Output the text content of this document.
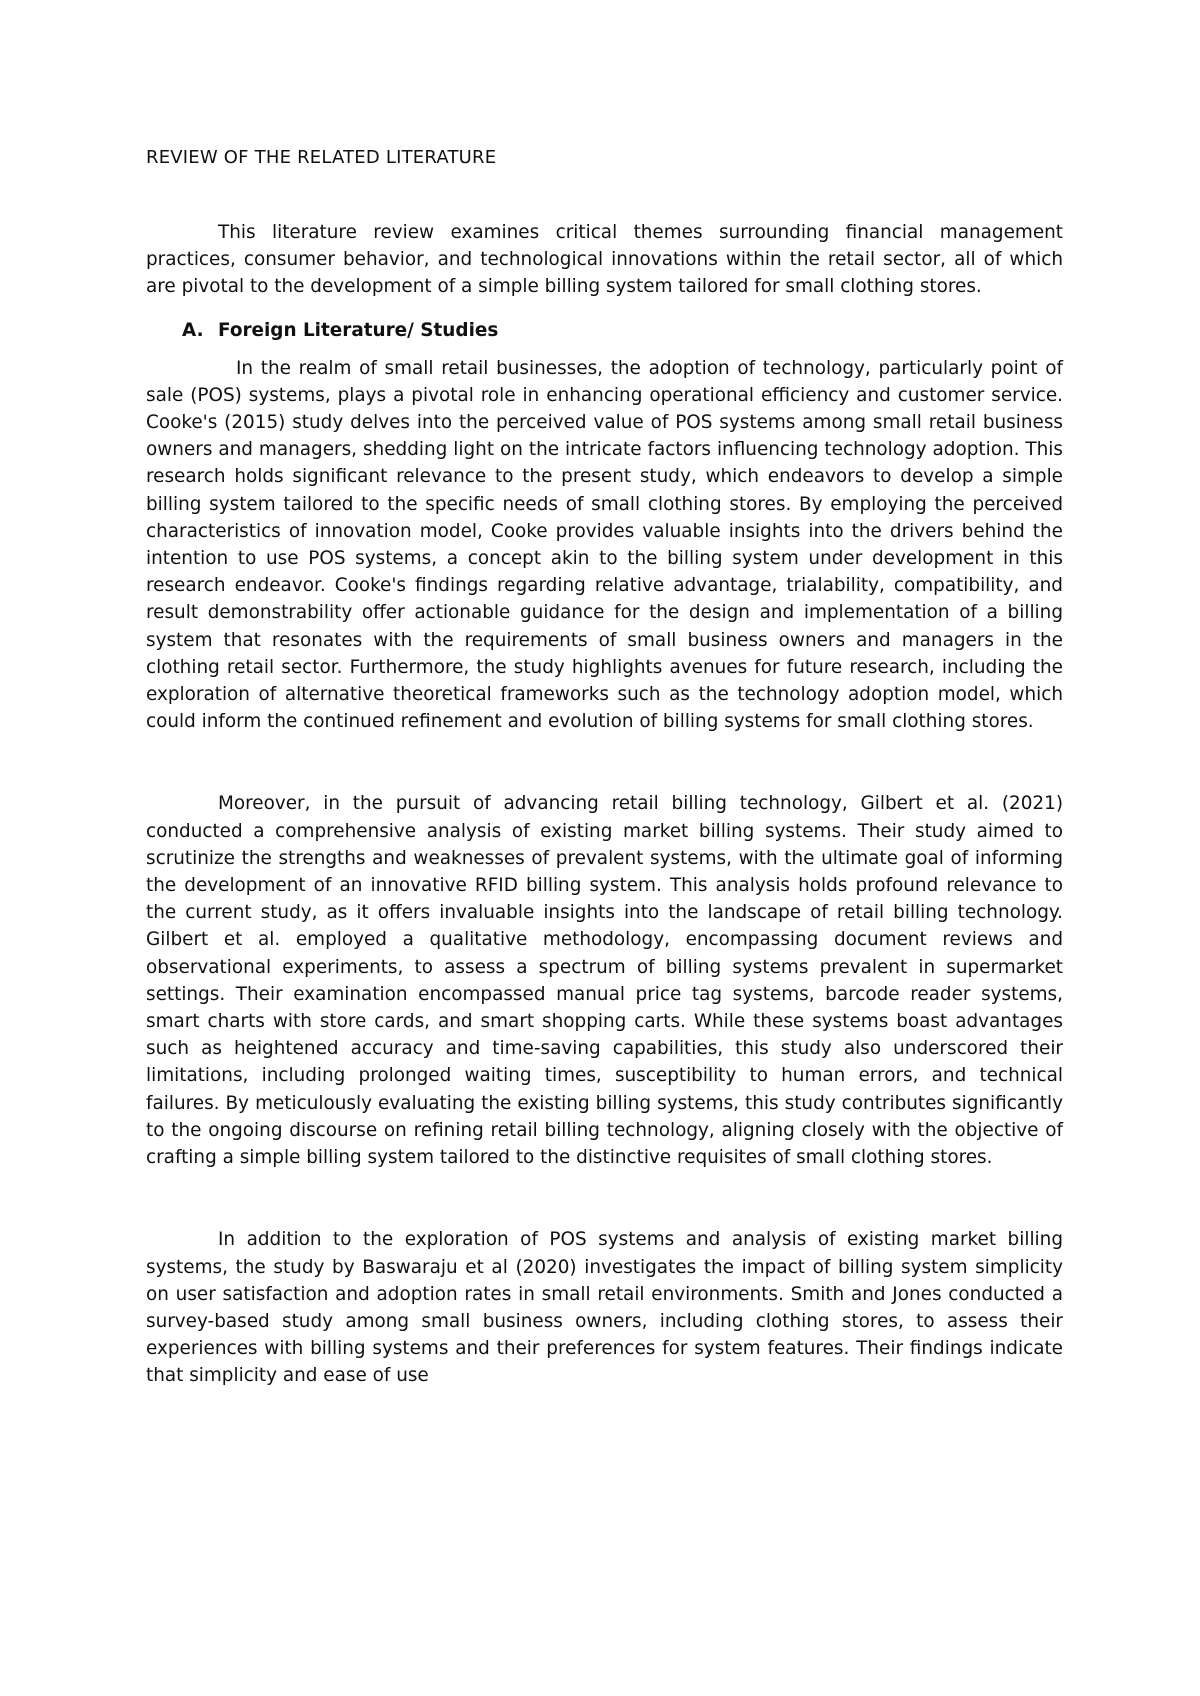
REVIEW OF THE RELATED LITERATURE

This literature review examines critical themes surrounding financial management practices, consumer behavior, and technological innovations within the retail sector, all of which are pivotal to the development of a simple billing system tailored for small clothing stores.

A. Foreign Literature/ Studies

In the realm of small retail businesses, the adoption of technology, particularly point of sale (POS) systems, plays a pivotal role in enhancing operational efficiency and customer service. Cooke's (2015) study delves into the perceived value of POS systems among small retail business owners and managers, shedding light on the intricate factors influencing technology adoption. This research holds significant relevance to the present study, which endeavors to develop a simple billing system tailored to the specific needs of small clothing stores. By employing the perceived characteristics of innovation model, Cooke provides valuable insights into the drivers behind the intention to use POS systems, a concept akin to the billing system under development in this research endeavor. Cooke's findings regarding relative advantage, trialability, compatibility, and result demonstrability offer actionable guidance for the design and implementation of a billing system that resonates with the requirements of small business owners and managers in the clothing retail sector. Furthermore, the study highlights avenues for future research, including the exploration of alternative theoretical frameworks such as the technology adoption model, which could inform the continued refinement and evolution of billing systems for small clothing stores.

Moreover, in the pursuit of advancing retail billing technology, Gilbert et al. (2021) conducted a comprehensive analysis of existing market billing systems. Their study aimed to scrutinize the strengths and weaknesses of prevalent systems, with the ultimate goal of informing the development of an innovative RFID billing system. This analysis holds profound relevance to the current study, as it offers invaluable insights into the landscape of retail billing technology. Gilbert et al. employed a qualitative methodology, encompassing document reviews and observational experiments, to assess a spectrum of billing systems prevalent in supermarket settings. Their examination encompassed manual price tag systems, barcode reader systems, smart charts with store cards, and smart shopping carts. While these systems boast advantages such as heightened accuracy and time-saving capabilities, this study also underscored their limitations, including prolonged waiting times, susceptibility to human errors, and technical failures. By meticulously evaluating the existing billing systems, this study contributes significantly to the ongoing discourse on refining retail billing technology, aligning closely with the objective of crafting a simple billing system tailored to the distinctive requisites of small clothing stores.

In addition to the exploration of POS systems and analysis of existing market billing systems, the study by Baswaraju et al (2020) investigates the impact of billing system simplicity on user satisfaction and adoption rates in small retail environments. Smith and Jones conducted a survey-based study among small business owners, including clothing stores, to assess their experiences with billing systems and their preferences for system features. Their findings indicate that simplicity and ease of use
